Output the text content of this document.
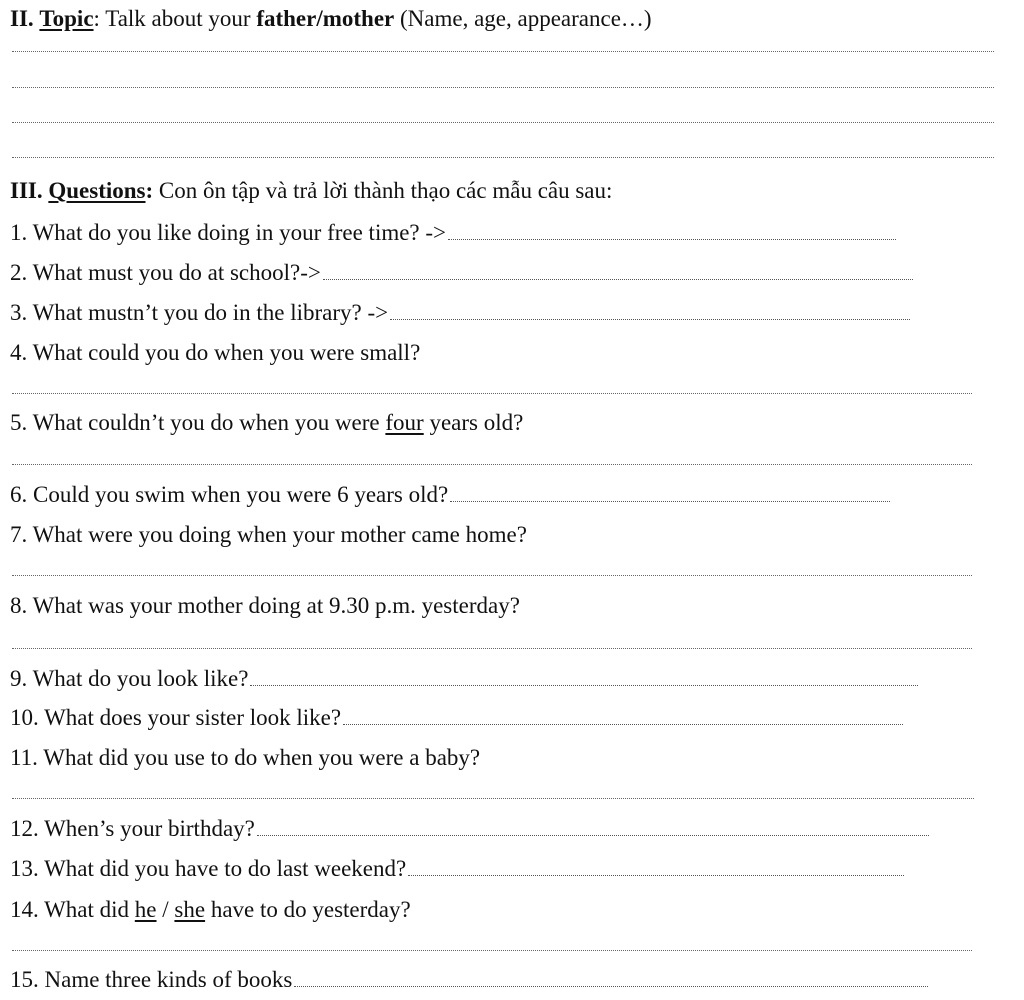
II. Topic: Talk about your father/mother (Name, age, appearance…)
III. Questions: Con ôn tập và trả lời thành thạo các mẫu câu sau:
1. What do you like doing in your free time? ->
2. What must you do at school?->
3. What mustn’t you do in the library? ->
4. What could you do when you were small?
5. What couldn’t you do when you were four years old?
6. Could you swim when you were 6 years old?
7. What were you doing when your mother came home?
8. What was your mother doing at 9.30 p.m. yesterday?
9. What do you look like?
10. What does your sister look like?
11. What did you use to do when you were a baby?
12. When’s your birthday?
13. What did you have to do last weekend?
14. What did he / she have to do yesterday?
15. Name three kinds of books
